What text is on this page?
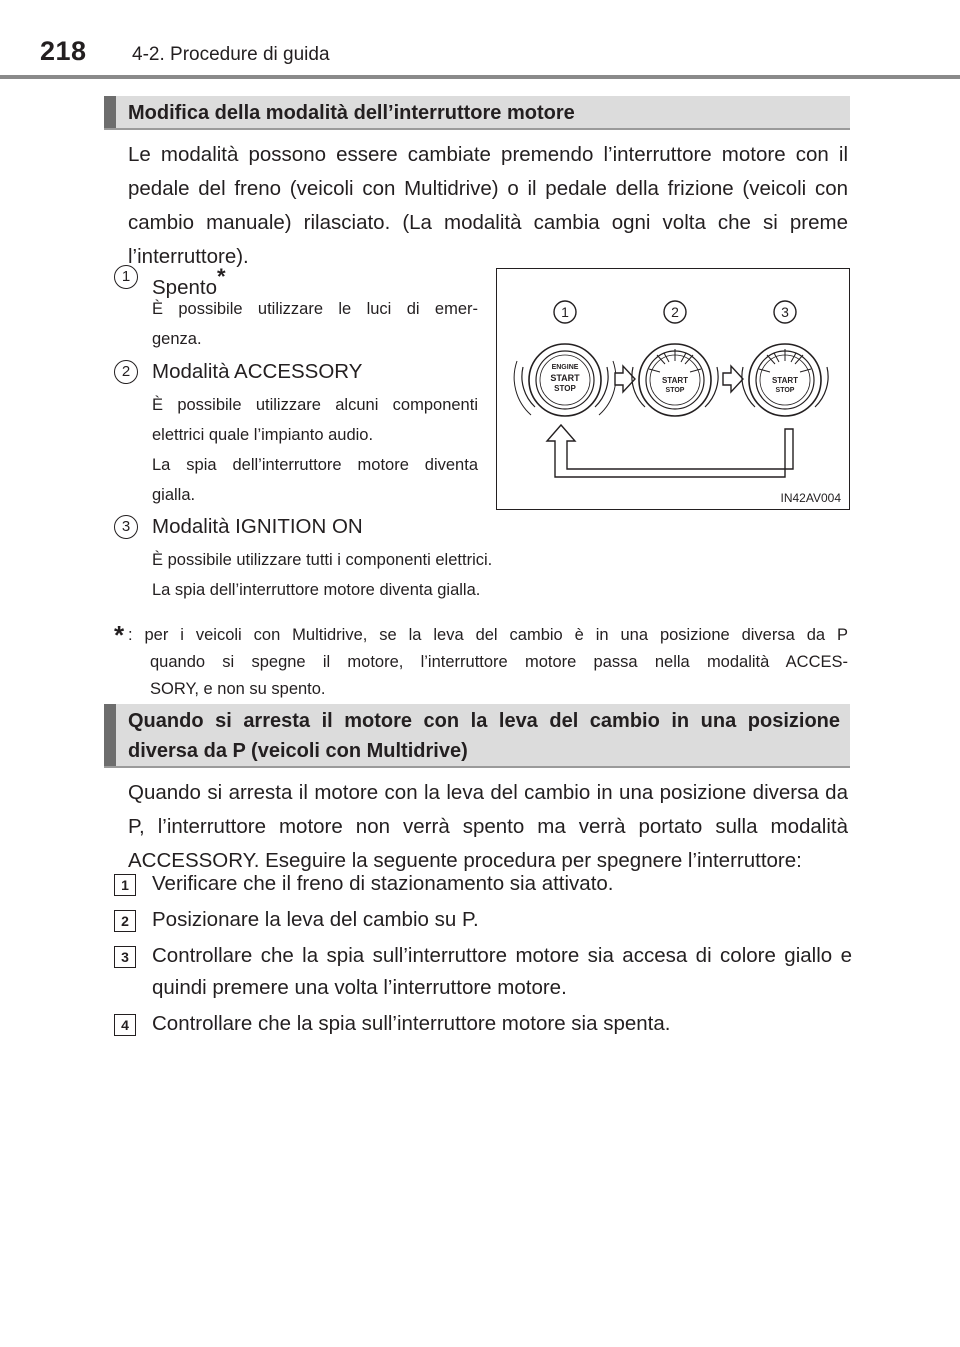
218 4-2. Procedure di guida
Modifica della modalità dell’interruttore motore
Le modalità possono essere cambiate premendo l’interruttore motore con il pedale del freno (veicoli con Multidrive) o il pedale della frizione (veicoli con cambio manuale) rilasciato. (La modalità cambia ogni volta che si preme l’interruttore).
1	Spento*
È possibile utilizzare le luci di emer-
genza.
2	Modalità ACCESSORY
È possibile utilizzare alcuni componenti
elettrici quale l’impianto audio.
La spia dell’interruttore motore diventa
gialla.
3	Modalità IGNITION ON
È possibile utilizzare tutti i componenti elettrici.
La spia dell’interruttore motore diventa gialla.
* : per i veicoli con Multidrive, se la leva del cambio è in una posizione diversa da P
quando si spegne il motore, l’interruttore motore passa nella modalità ACCES-
SORY, e non su spento.
1	2	3
ENGINE
START
STOP
START
STOP
START
STOP
IN42AV004
Quando si arresta il motore con la leva del cambio in una posizione
diversa da P (veicoli con Multidrive)
Quando si arresta il motore con la leva del cambio in una posizione diversa da P, l’interruttore motore non verrà spento ma verrà portato sulla modalità ACCESSORY. Eseguire la seguente procedura per spegnere l’interruttore:
1	Verificare che il freno di stazionamento sia attivato.
2	Posizionare la leva del cambio su P.
3	Controllare che la spia sull’interruttore motore sia accesa di colore giallo e quindi premere una volta l’interruttore motore.
4	Controllare che la spia sull’interruttore motore sia spenta.
